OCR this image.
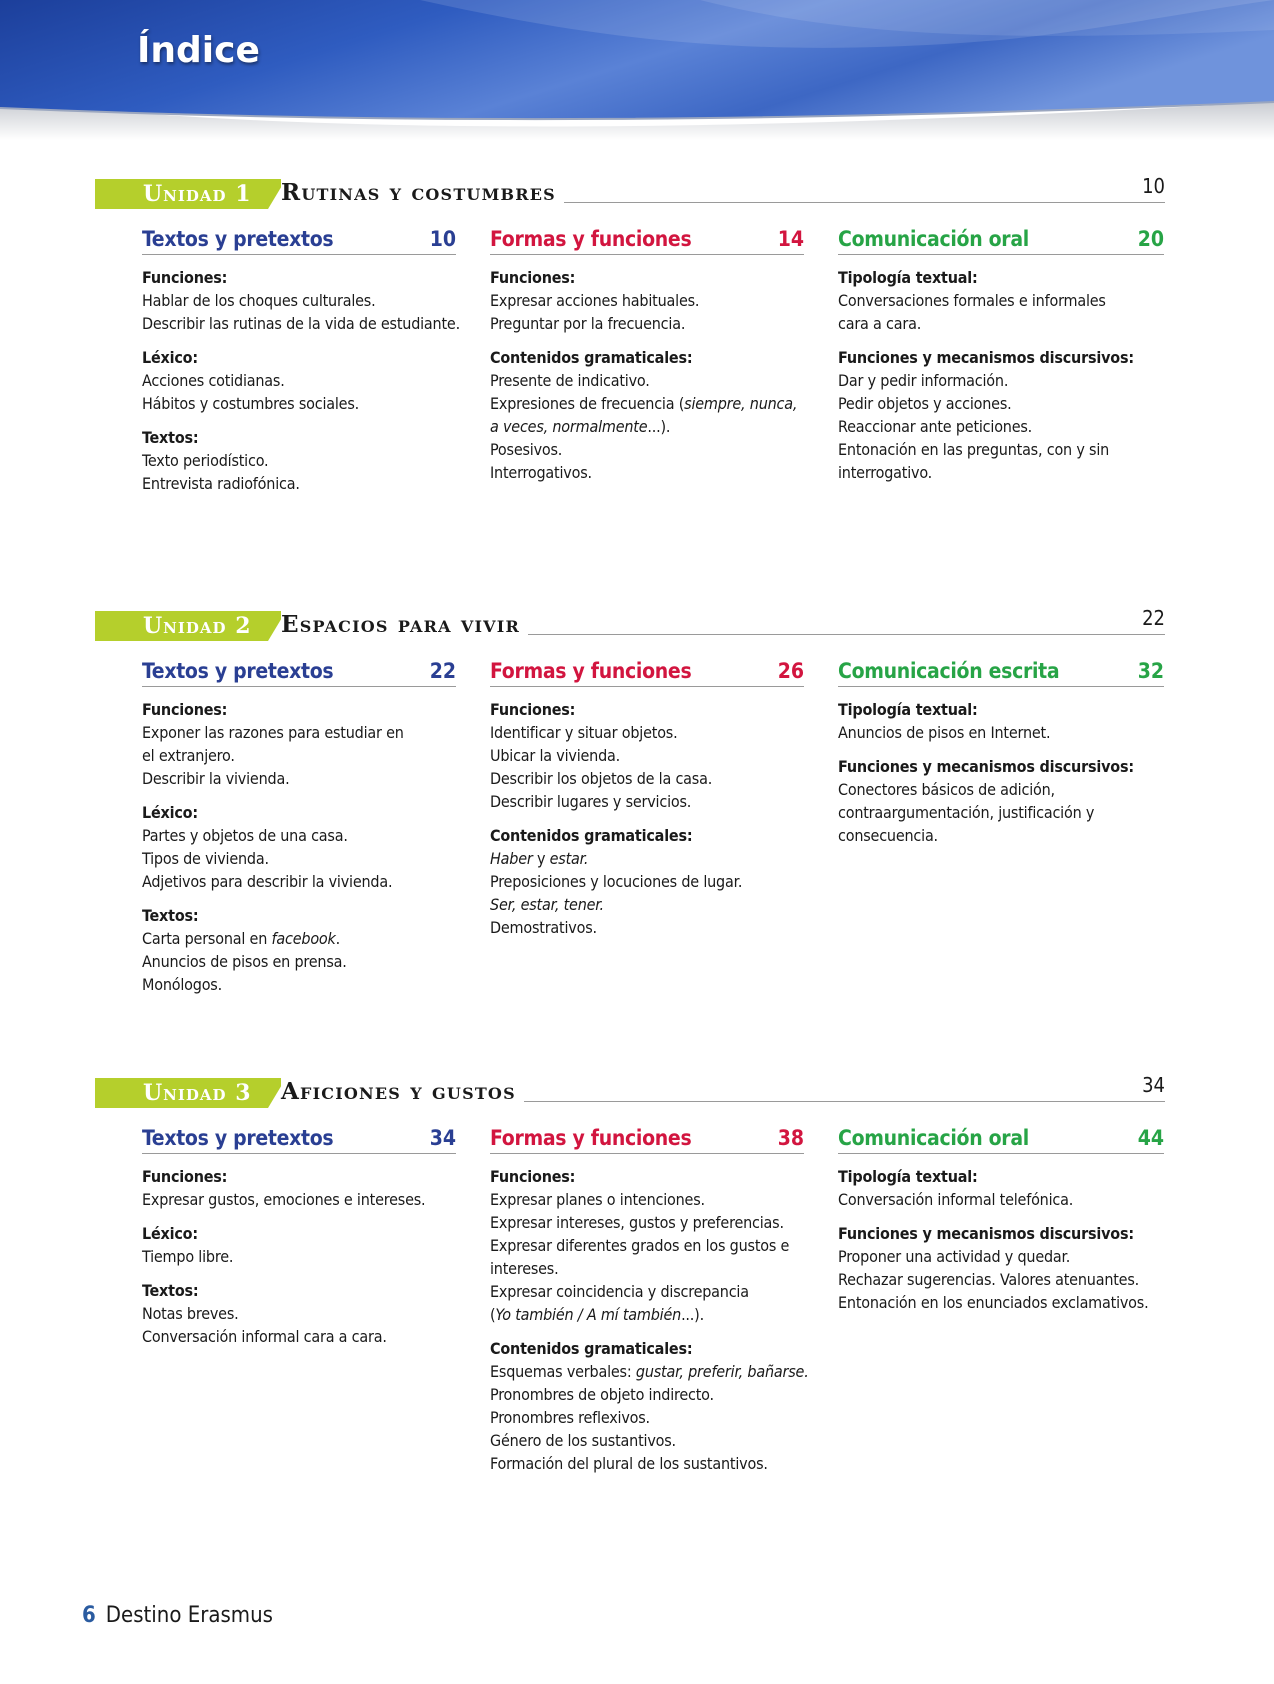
Índice
Unidad 1 Rutinas y costumbres	10
Textos y pretextos	10
Funciones:
Hablar de los choques culturales.
Describir las rutinas de la vida de estudiante.
Léxico:
Acciones cotidianas.
Hábitos y costumbres sociales.
Textos:
Texto periodístico.
Entrevista radiofónica.
Formas y funciones	14
Funciones:
Expresar acciones habituales.
Preguntar por la frecuencia.
Contenidos gramaticales:
Presente de indicativo.
Expresiones de frecuencia (siempre, nunca,
a veces, normalmente...).
Posesivos.
Interrogativos.
Comunicación oral	20
Tipología textual:
Conversaciones formales e informales
cara a cara.
Funciones y mecanismos discursivos:
Dar y pedir información.
Pedir objetos y acciones.
Reaccionar ante peticiones.
Entonación en las preguntas, con y sin
interrogativo.
Unidad 2 Espacios para vivir	22
Textos y pretextos	22
Funciones:
Exponer las razones para estudiar en
el extranjero.
Describir la vivienda.
Léxico:
Partes y objetos de una casa.
Tipos de vivienda.
Adjetivos para describir la vivienda.
Textos:
Carta personal en facebook.
Anuncios de pisos en prensa.
Monólogos.
Formas y funciones	26
Funciones:
Identificar y situar objetos.
Ubicar la vivienda.
Describir los objetos de la casa.
Describir lugares y servicios.
Contenidos gramaticales:
Haber y estar.
Preposiciones y locuciones de lugar.
Ser, estar, tener.
Demostrativos.
Comunicación escrita	32
Tipología textual:
Anuncios de pisos en Internet.
Funciones y mecanismos discursivos:
Conectores básicos de adición,
contraargumentación, justificación y
consecuencia.
Unidad 3 Aficiones y gustos	34
Textos y pretextos	34
Funciones:
Expresar gustos, emociones e intereses.
Léxico:
Tiempo libre.
Textos:
Notas breves.
Conversación informal cara a cara.
Formas y funciones	38
Funciones:
Expresar planes o intenciones.
Expresar intereses, gustos y preferencias.
Expresar diferentes grados en los gustos e
intereses.
Expresar coincidencia y discrepancia
(Yo también / A mí también...).
Contenidos gramaticales:
Esquemas verbales: gustar, preferir, bañarse.
Pronombres de objeto indirecto.
Pronombres reflexivos.
Género de los sustantivos.
Formación del plural de los sustantivos.
Comunicación oral	44
Tipología textual:
Conversación informal telefónica.
Funciones y mecanismos discursivos:
Proponer una actividad y quedar.
Rechazar sugerencias. Valores atenuantes.
Entonación en los enunciados exclamativos.
6 Destino Erasmus
